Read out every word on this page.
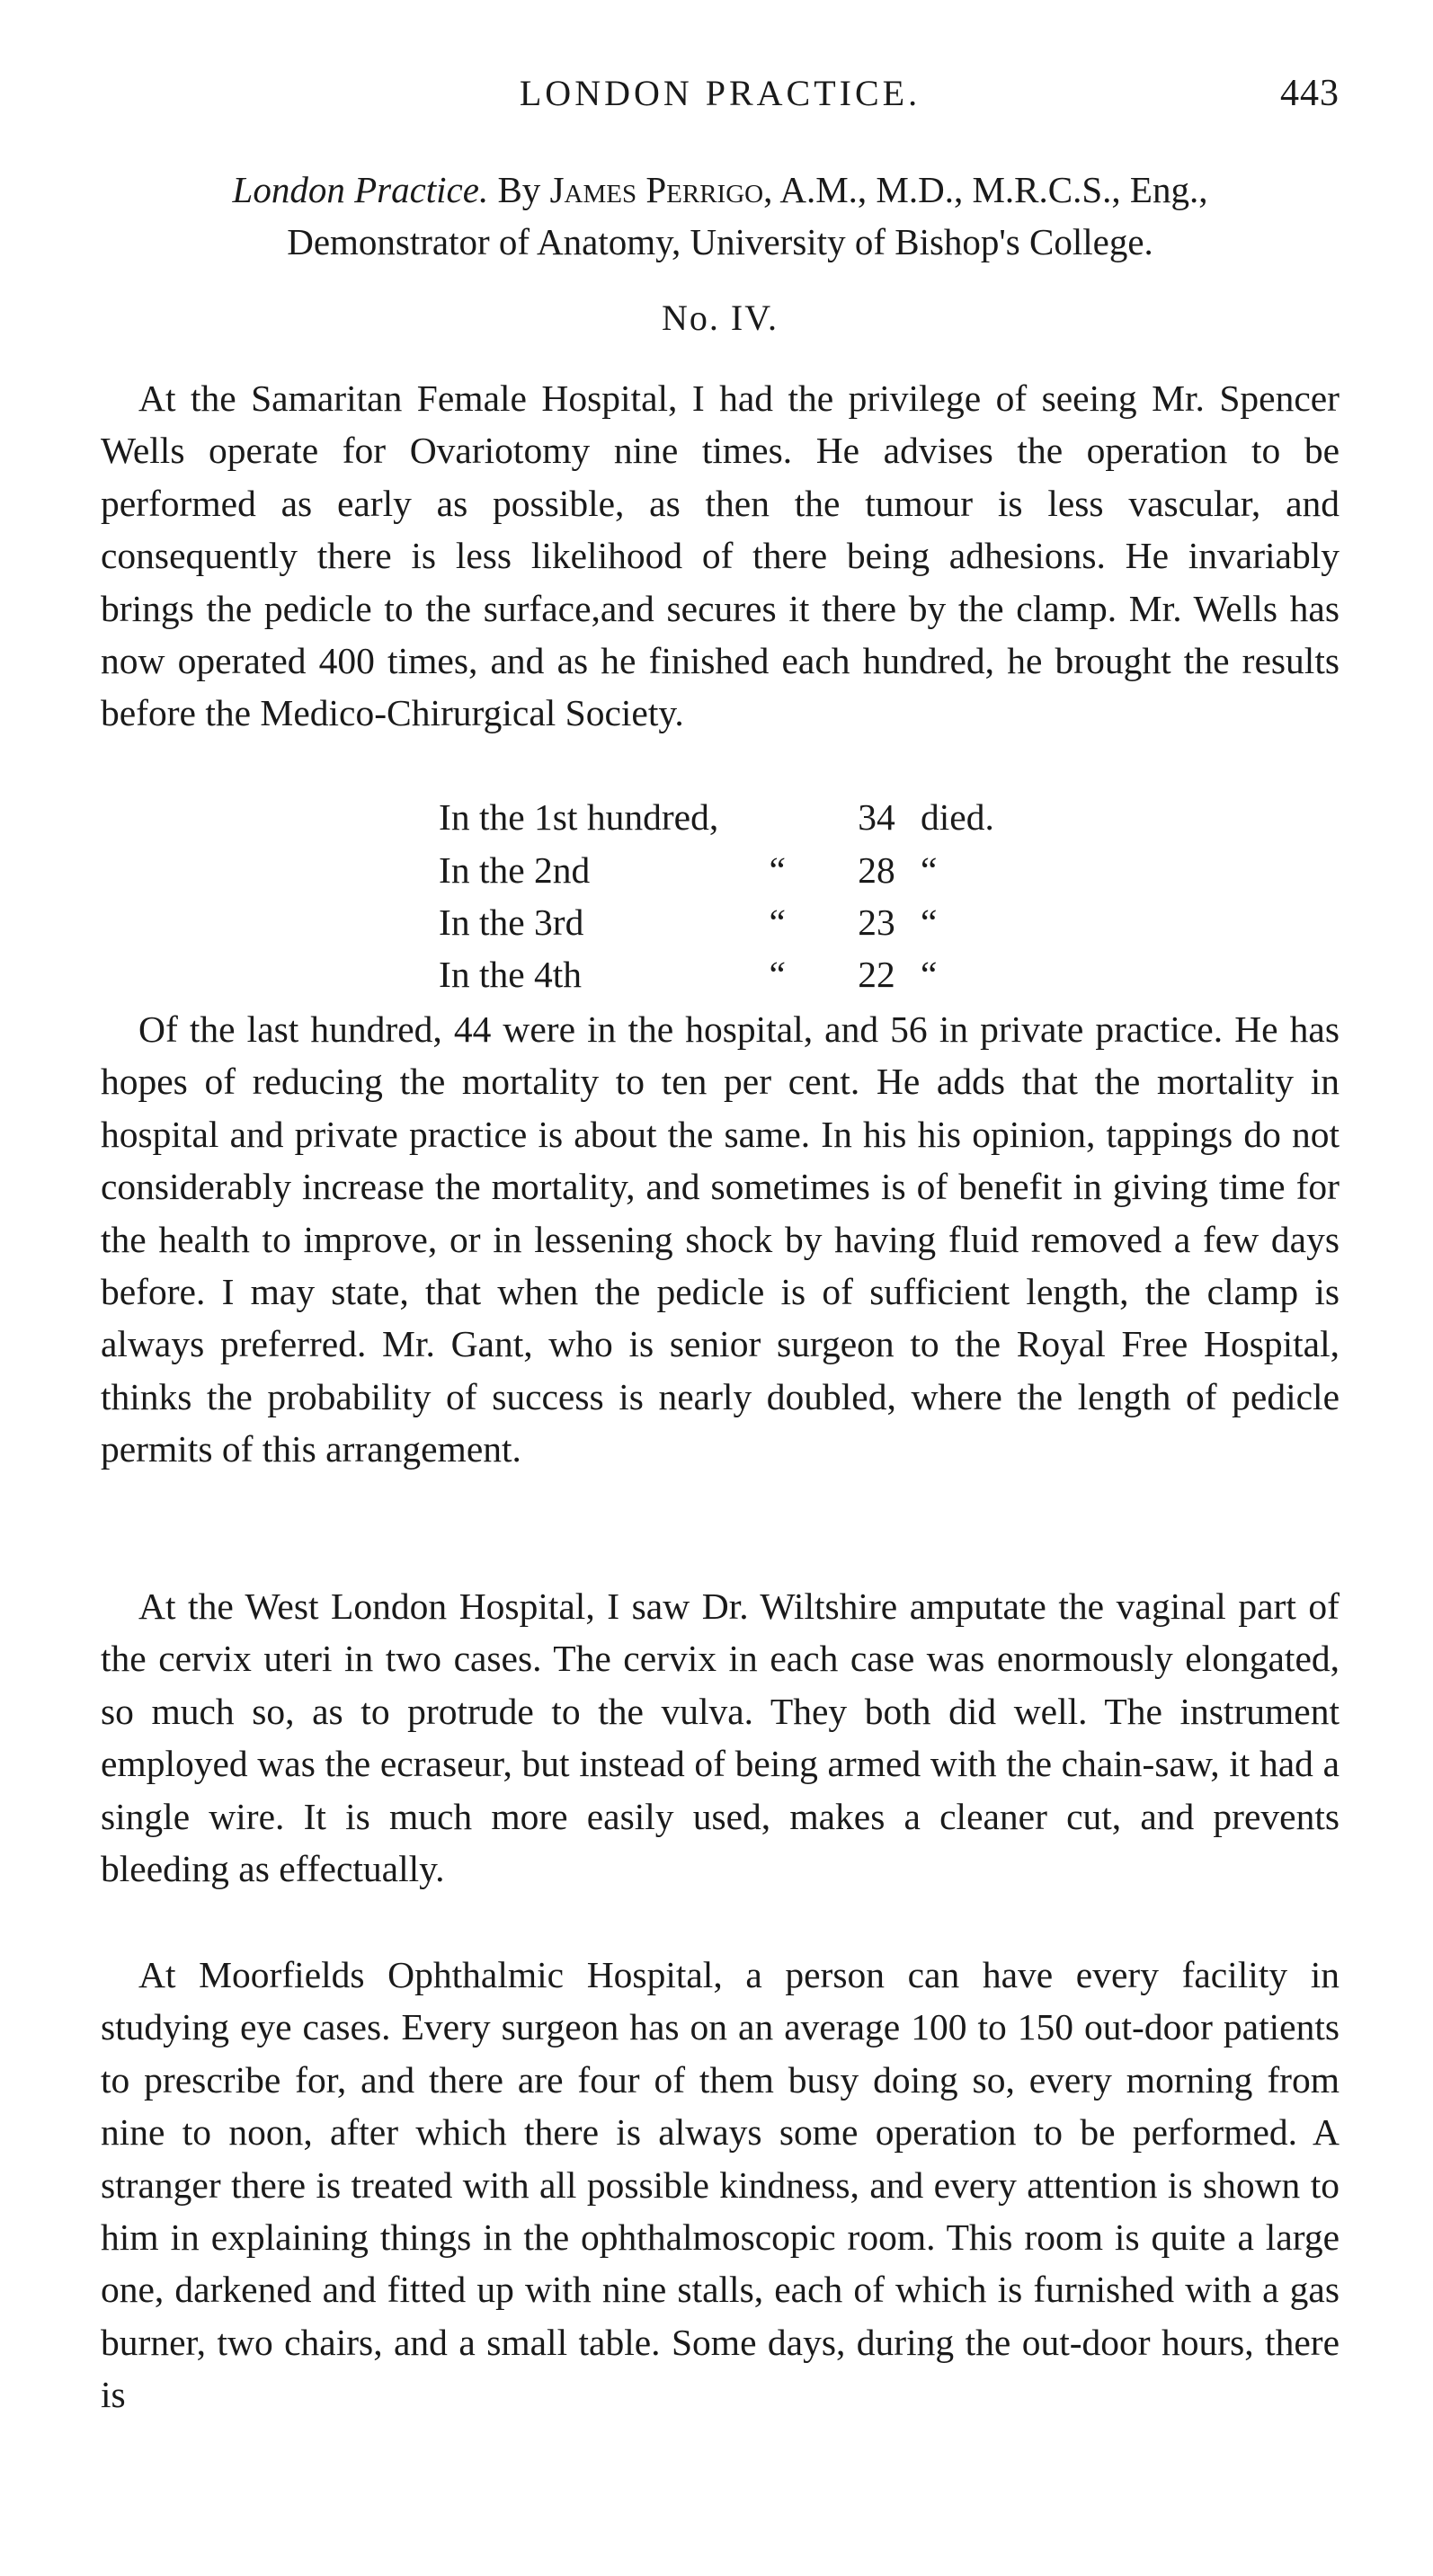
LONDON PRACTICE.	443
London Practice. By James Perrigo, A.M., M.D., M.R.C.S., Eng.,
Demonstrator of Anatomy, University of Bishop's College.
No. IV.

At the Samaritan Female Hospital, I had the privilege of seeing Mr. Spencer Wells operate for Ovariotomy nine times. He advises the operation to be performed as early as possible, as then the tumour is less vascular, and consequently there is less likelihood of there being adhesions. He invariably brings the pedicle to the surface,and secures it there by the clamp. Mr. Wells has now operated 400 times, and as he finished each hundred, he brought the results before the Medico-Chirurgical Society.

In the 1st hundred,		34	died.
In the 2nd	“	28	“
In the 3rd	“	23	“
In the 4th	“	22	“

Of the last hundred, 44 were in the hospital, and 56 in private practice. He has hopes of reducing the mortality to ten per cent. He adds that the mortality in hospital and private practice is about the same. In his his opinion, tappings do not considerably increase the mortality, and sometimes is of benefit in giving time for the health to improve, or in lessening shock by having fluid removed a few days before. I may state, that when the pedicle is of sufficient length, the clamp is always preferred. Mr. Gant, who is senior surgeon to the Royal Free Hospital, thinks the probability of success is nearly doubled, where the length of pedicle permits of this arrangement.

At the West London Hospital, I saw Dr. Wiltshire amputate the vaginal part of the cervix uteri in two cases. The cervix in each case was enormously elongated, so much so, as to protrude to the vulva. They both did well. The instrument employed was the ecraseur, but instead of being armed with the chain-saw, it had a single wire. It is much more easily used, makes a cleaner cut, and prevents bleeding as effectually.

At Moorfields Ophthalmic Hospital, a person can have every facility in studying eye cases. Every surgeon has on an average 100 to 150 out-door patients to prescribe for, and there are four of them busy doing so, every morning from nine to noon, after which there is always some operation to be performed. A stranger there is treated with all possible kindness, and every attention is shown to him in explaining things in the ophthalmoscopic room. This room is quite a large one, darkened and fitted up with nine stalls, each of which is furnished with a gas burner, two chairs, and a small table. Some days, during the out-door hours, there is
